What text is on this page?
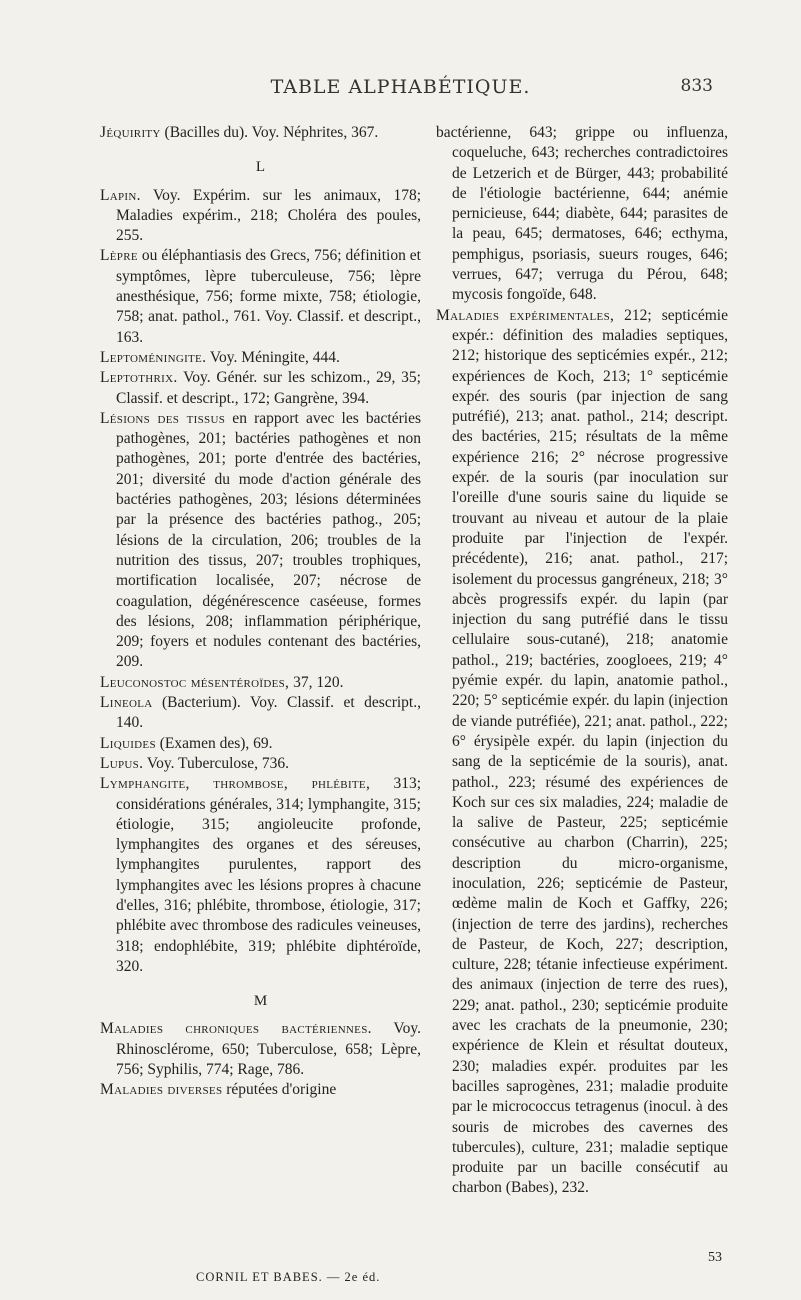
TABLE ALPHABÉTIQUE.	833

Jéquirity (Bacilles du). Voy. Néphrites, 367.

L

Lapin. Voy. Expérim. sur les animaux, 178; Maladies expérim., 218; Choléra des poules, 255.

Lèpre ou éléphantiasis des Grecs, 756; définition et symptômes, lèpre tuberculeuse, 756; lèpre anesthésique, 756; forme mixte, 758; étiologie, 758; anat. pathol., 761. Voy. Classif. et descript., 163.

Leptoméningite. Voy. Méningite, 444.

Leptothrix. Voy. Génér. sur les schizom., 29, 35; Classif. et descript., 172; Gangrène, 394.

Lésions des tissus en rapport avec les bactéries pathogènes, 201; bactéries pathogènes et non pathogènes, 201; porte d'entrée des bactéries, 201; diversité du mode d'action générale des bactéries pathogènes, 203; lésions déterminées par la présence des bactéries pathog., 205; lésions de la circulation, 206; troubles de la nutrition des tissus, 207; troubles trophiques, mortification localisée, 207; nécrose de coagulation, dégénérescence caséeuse, formes des lésions, 208; inflammation périphérique, 209; foyers et nodules contenant des bactéries, 209.

Leuconostoc mésentéroïdes, 37, 120.

Lineola (Bacterium). Voy. Classif. et descript., 140.

Liquides (Examen des), 69.

Lupus. Voy. Tuberculose, 736.

Lymphangite, thrombose, phlébite, 313; considérations générales, 314; lymphangite, 315; étiologie, 315; angioleucite profonde, lymphangites des organes et des séreuses, lymphangites purulentes, rapport des lymphangites avec les lésions propres à chacune d'elles, 316; phlébite, thrombose, étiologie, 317; phlébite avec thrombose des radicules veineuses, 318; endophlébite, 319; phlébite diphtéroïde, 320.

M

Maladies chroniques bactériennes. Voy. Rhinosclérome, 650; Tuberculose, 658; Lèpre, 756; Syphilis, 774; Rage, 786.

Maladies diverses réputées d'origine

bactérienne, 643; grippe ou influenza, coqueluche, 643; recherches contradictoires de Letzerich et de Bürger, 443; probabilité de l'étiologie bactérienne, 644; anémie pernicieuse, 644; diabète, 644; parasites de la peau, 645; dermatoses, 646; ecthyma, pemphigus, psoriasis, sueurs rouges, 646; verrues, 647; verruga du Pérou, 648; mycosis fongoïde, 648.

Maladies expérimentales, 212; septicémie expér.: définition des maladies septiques, 212; historique des septicémies expér., 212; expériences de Koch, 213; 1° septicémie expér. des souris (par injection de sang putréfié), 213; anat. pathol., 214; descript. des bactéries, 215; résultats de la même expérience 216; 2° nécrose progressive expér. de la souris (par inoculation sur l'oreille d'une souris saine du liquide se trouvant au niveau et autour de la plaie produite par l'injection de l'expér. précédente), 216; anat. pathol., 217; isolement du processus gangréneux, 218; 3° abcès progressifs expér. du lapin (par injection du sang putréfié dans le tissu cellulaire sous-cutané), 218; anatomie pathol., 219; bactéries, zoogloees, 219; 4° pyémie expér. du lapin, anatomie pathol., 220; 5° septicémie expér. du lapin (injection de viande putréfiée), 221; anat. pathol., 222; 6° érysipèle expér. du lapin (injection du sang de la septicémie de la souris), anat. pathol., 223; résumé des expériences de Koch sur ces six maladies, 224; maladie de la salive de Pasteur, 225; septicémie consécutive au charbon (Charrin), 225; description du micro-organisme, inoculation, 226; septicémie de Pasteur, œdème malin de Koch et Gaffky, 226; (injection de terre des jardins), recherches de Pasteur, de Koch, 227; description, culture, 228; tétanie infectieuse expériment. des animaux (injection de terre des rues), 229; anat. pathol., 230; septicémie produite avec les crachats de la pneumonie, 230; expérience de Klein et résultat douteux, 230; maladies expér. produites par les bacilles saprogènes, 231; maladie produite par le micrococcus tetragenus (inocul. à des souris de microbes des cavernes des tubercules), culture, 231; maladie septique produite par un bacille consécutif au charbon (Babes), 232.

CORNIL ET BABES. — 2e éd.
53
